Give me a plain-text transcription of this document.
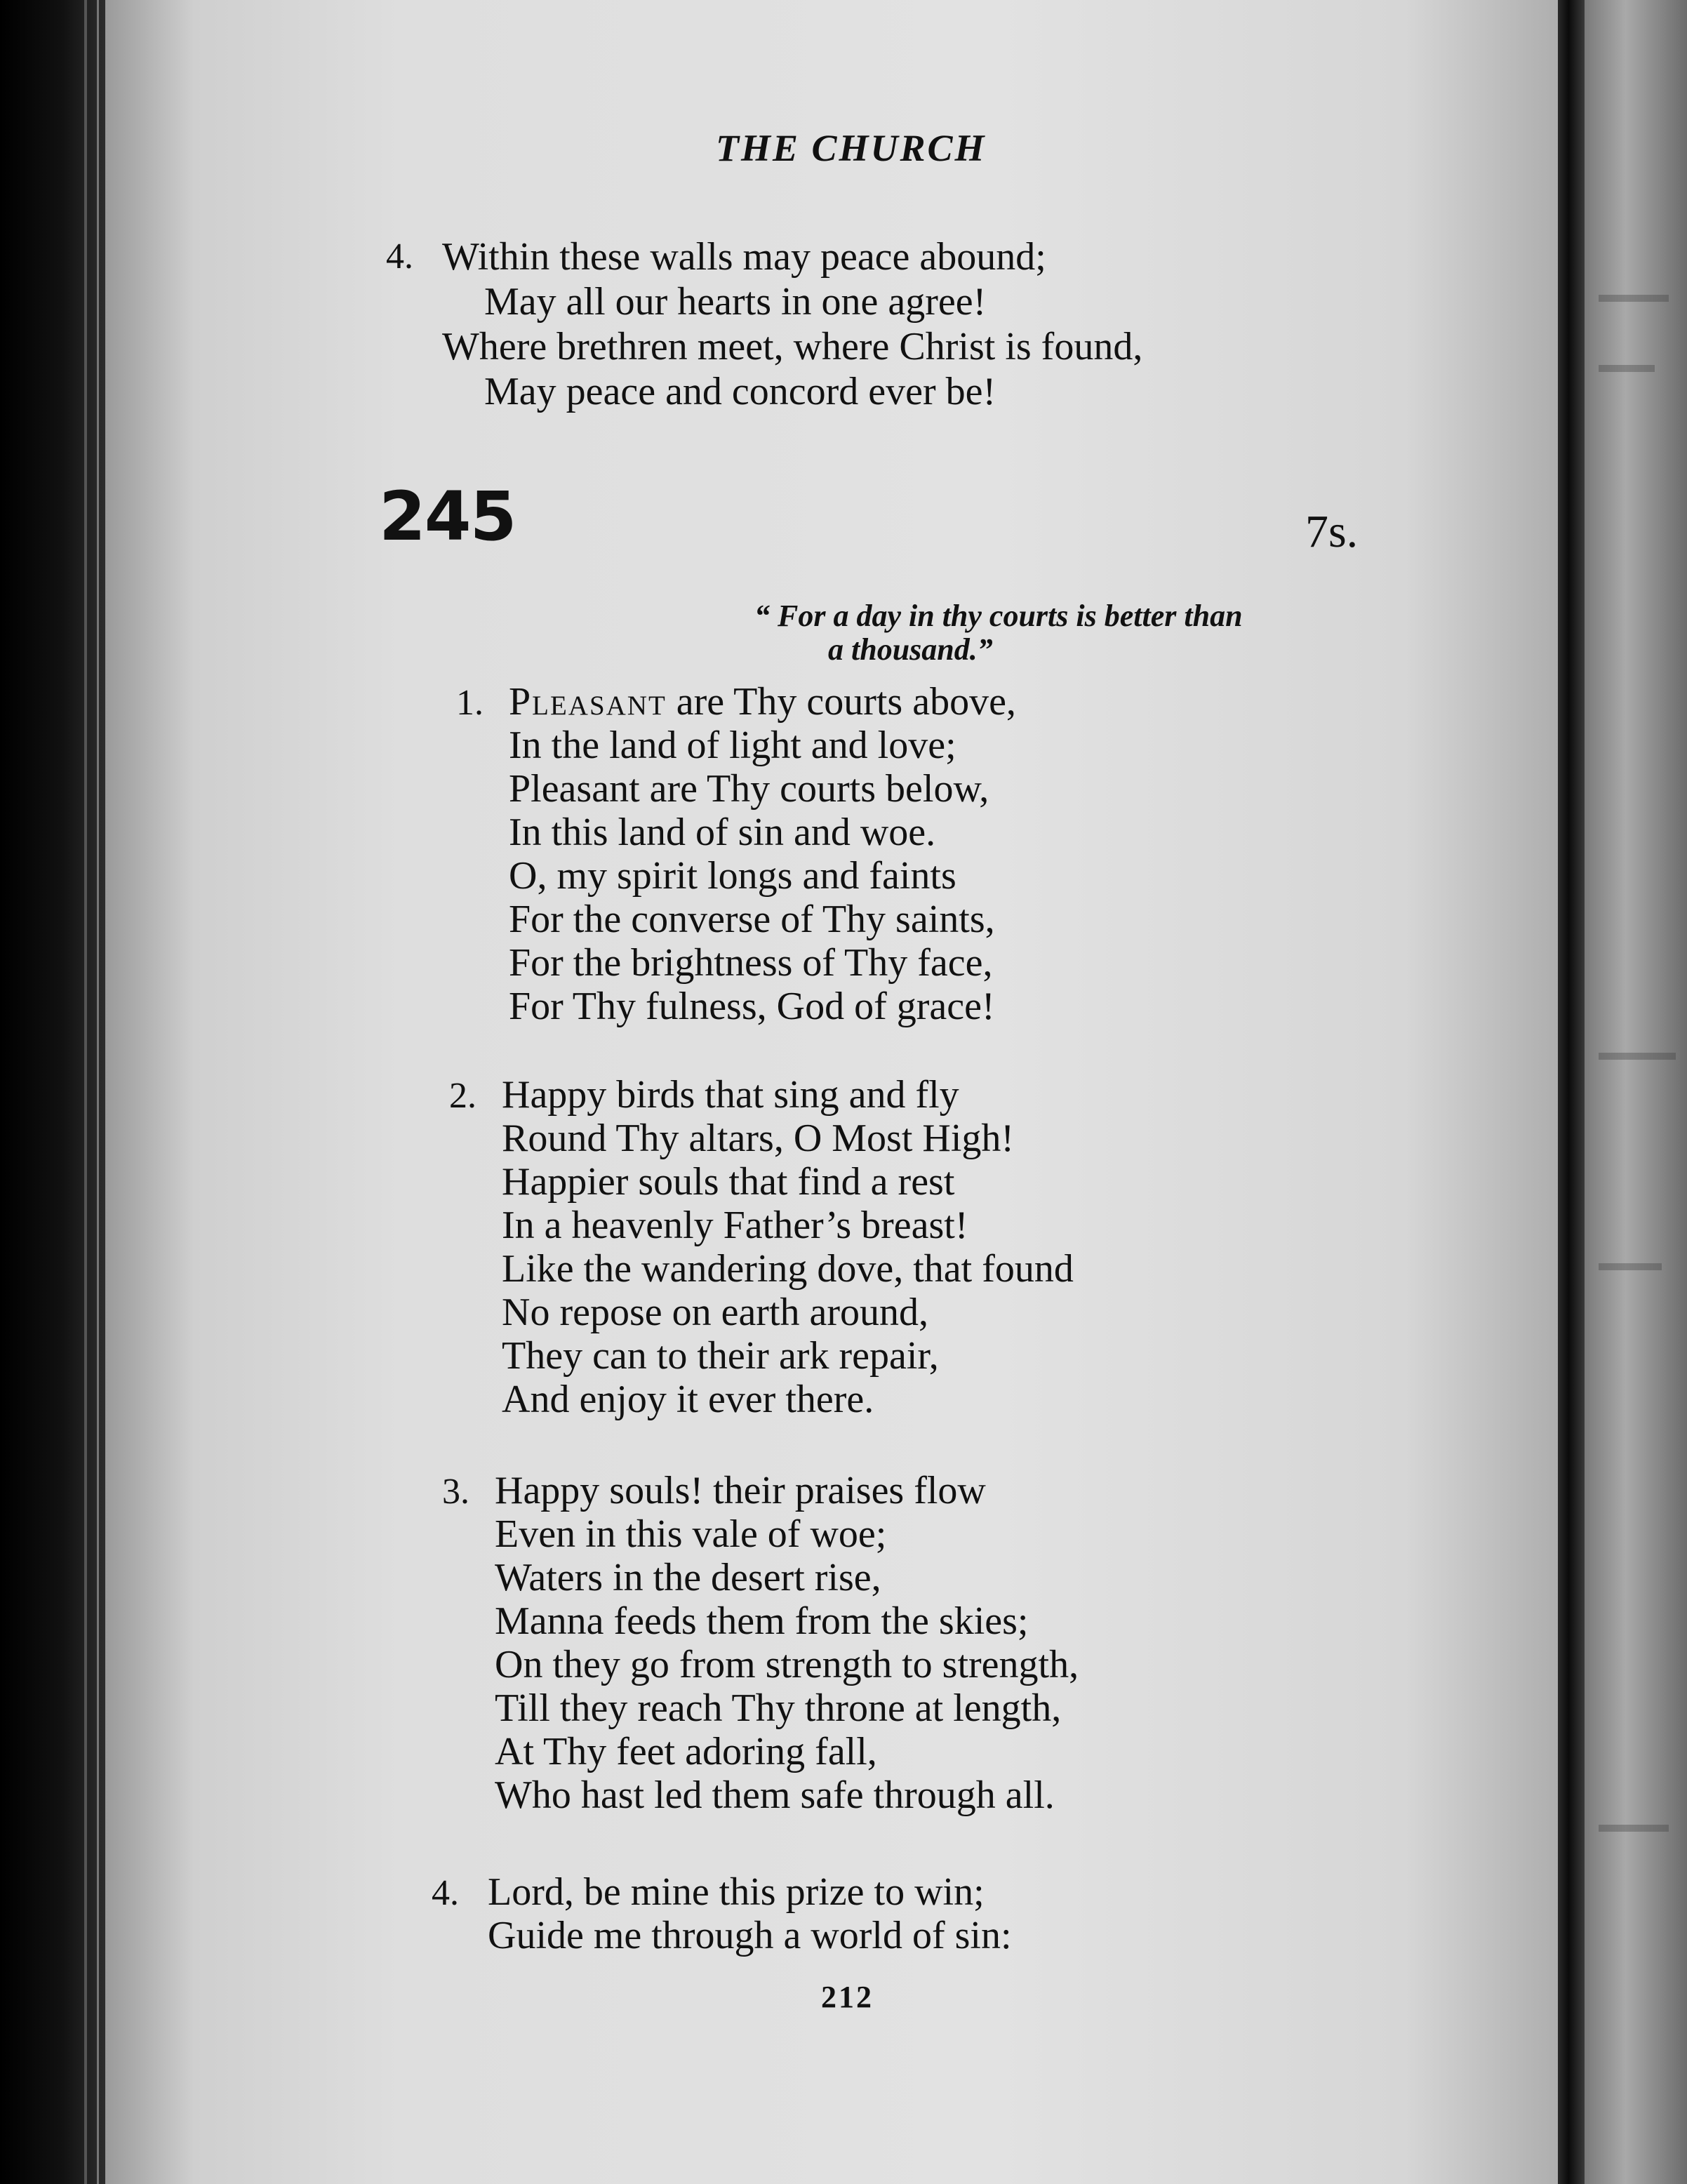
THE CHURCH
4. Within these walls may peace abound;
May all our hearts in one agree!
Where brethren meet, where Christ is found,
May peace and concord ever be!
245	7s.
“ For a day in thy courts is better than
a thousand.”
1. Pleasant are Thy courts above,
In the land of light and love;
Pleasant are Thy courts below,
In this land of sin and woe.
O, my spirit longs and faints
For the converse of Thy saints,
For the brightness of Thy face,
For Thy fulness, God of grace!
2. Happy birds that sing and fly
Round Thy altars, O Most High!
Happier souls that find a rest
In a heavenly Father’s breast!
Like the wandering dove, that found
No repose on earth around,
They can to their ark repair,
And enjoy it ever there.
3. Happy souls! their praises flow
Even in this vale of woe;
Waters in the desert rise,
Manna feeds them from the skies;
On they go from strength to strength,
Till they reach Thy throne at length,
At Thy feet adoring fall,
Who hast led them safe through all.
4. Lord, be mine this prize to win;
Guide me through a world of sin:
212
